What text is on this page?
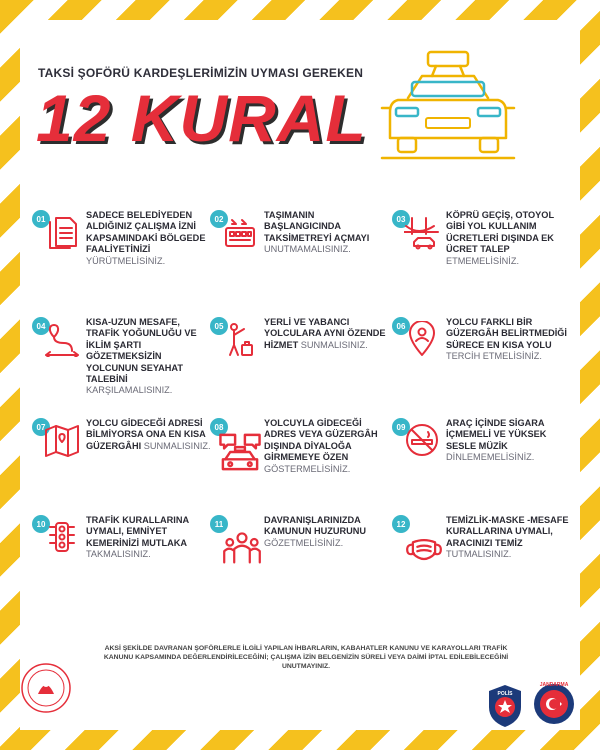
TAKSİ ŞOFÖRÜ KARDEŞLERİMİZİN UYMASI GEREKEN
12 KURAL
01	SADECE BELEDİYEDEN ALDIĞINIZ ÇALIŞMA İZNİ KAPSAMINDAKİ BÖLGEDE FAALİYETİNİZİ YÜRÜTMELİSİNİZ.
02	TAŞIMANIN BAŞLANGICINDA TAKSİMETREYİ AÇMAYI UNUTMAMALISINIZ.
03	KÖPRÜ GEÇİŞ, OTOYOL GİBİ YOL KULLANIM ÜCRETLERİ DIŞINDA EK ÜCRET TALEP ETMEMELİSİNİZ.
04	KISA-UZUN MESAFE, TRAFİK YOĞUNLUĞU VE İKLİM ŞARTI GÖZETMEKSİZİN YOLCUNUN SEYAHAT TALEBİNİ KARŞILAMALISINIZ.
05	YERLİ VE YABANCI YOLCULARA AYNI ÖZENDE HİZMET SUNMALISINIZ.
06	YOLCU FARKLI BİR GÜZERGÂH BELİRTMEDİĞİ SÜRECE EN KISA YOLU TERCİH ETMELİSİNİZ.
07	YOLCU GİDECEĞİ ADRESİ BİLMİYORSA ONA EN KISA GÜZERGÂHI SUNMALISINIZ.
08	YOLCUYLA GİDECEĞİ ADRES VEYA GÜZERGÂH DIŞINDA DİYALOĞA GİRMEMEYE ÖZEN GÖSTERMELİSİNİZ.
09	ARAÇ İÇİNDE SİGARA İÇMEMELİ VE YÜKSEK SESLE MÜZİK DİNLEMEMELİSİNİZ.
10	TRAFİK KURALLARINA UYMALI, EMNİYET KEMERİNİZİ MUTLAKA TAKMALISINIZ.
11	DAVRANIŞLARINIZDA KAMUNUN HUZURUNU GÖZETMELİSİNİZ.
12	TEMİZLİK-MASKE -MESAFE KURALLARINA UYMALI, ARACINIZI TEMİZ TUTMALISINIZ.
AKSİ ŞEKİLDE DAVRANAN ŞOFÖRLERLE İLGİLİ YAPILAN İHBARLARIN, KABAHATLER KANUNU VE KARAYOLLARI TRAFİK KANUNU KAPSAMINDA DEĞERLENDİRİLECEĞİNİ; ÇALIŞMA İZİN BELGENİZİN SÜRELİ VEYA DAİMİ İPTAL EDİLEBİLECEĞİNİ UNUTMAYINIZ.
POLİS
JANDARMA
